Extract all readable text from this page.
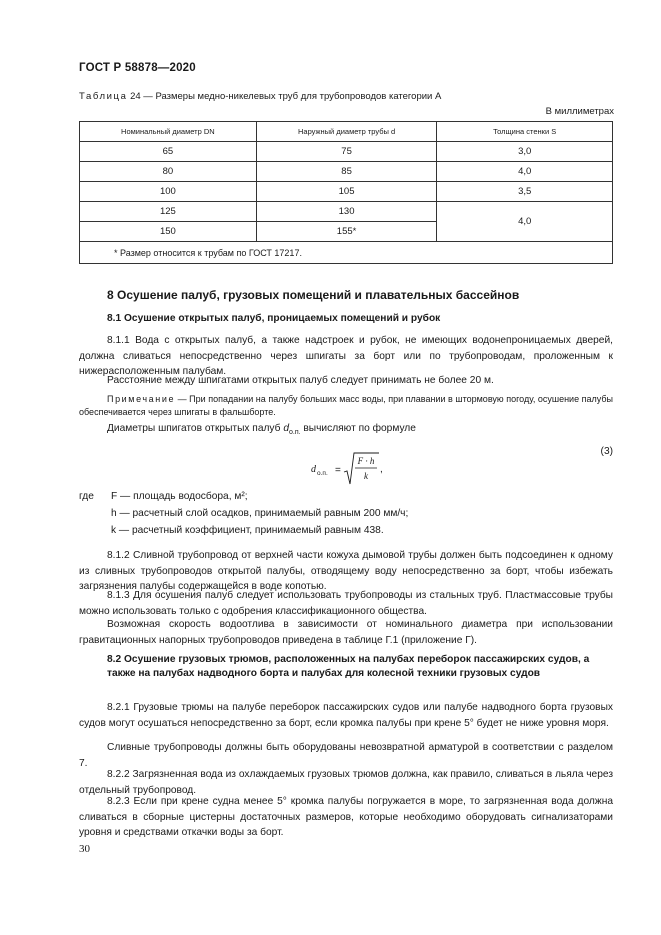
ГОСТ Р 58878—2020
Таблица 24 — Размеры медно-никелевых труб для трубопроводов категории А
В миллиметрах
Номинальный диаметр DN	Наружный диаметр трубы d	Толщина стенки S
65	75	3,0
80	85	4,0
100	105	3,5
125	130	4,0
150	155*	
* Размер относится к трубам по ГОСТ 17217.		
8 Осушение палуб, грузовых помещений и плавательных бассейнов
8.1 Осушение открытых палуб, проницаемых помещений и рубок
8.1.1 Вода с открытых палуб, а также надстроек и рубок, не имеющих водонепроницаемых дверей, должна сливаться непосредственно через шпигаты за борт или по трубопроводам, проложенным к нижерасположенным палубам.
Расстояние между шпигатами открытых палуб следует принимать не более 20 м.
Примечание — При попадании на палубу больших масс воды, при плавании в штормовую погоду, осушение палубы обеспечивается через шпигаты в фальшборте.
Диаметры шпигатов открытых палуб $d_{о.п.}$ вычисляют по формуле
d о.п. =
F · h
k
,
(3)
где F — площадь водосбора, м²;
h — расчетный слой осадков, принимаемый равным 200 мм/ч;
k — расчетный коэффициент, принимаемый равным 438.
8.1.2 Сливной трубопровод от верхней части кожуха дымовой трубы должен быть подсоединен к одному из сливных трубопроводов открытой палубы, отводящему воду непосредственно за борт, чтобы избежать загрязнения палубы содержащейся в воде копотью.
8.1.3 Для осушения палуб следует использовать трубопроводы из стальных труб. Пластмассовые трубы можно использовать только с одобрения классификационного общества.
Возможная скорость водоотлива в зависимости от номинального диаметра при использовании гравитационных напорных трубопроводов приведена в таблице Г.1 (приложение Г).
8.2 Осушение грузовых трюмов, расположенных на палубах переборок пассажирских судов, а также на палубах надводного борта и палубах для колесной техники грузовых судов
8.2.1 Грузовые трюмы на палубе переборок пассажирских судов или палубе надводного борта грузовых судов могут осушаться непосредственно за борт, если кромка палубы при крене 5° будет не ниже уровня моря.
Сливные трубопроводы должны быть оборудованы невозвратной арматурой в соответствии с разделом 7.
8.2.2 Загрязненная вода из охлаждаемых грузовых трюмов должна, как правило, сливаться в льяла через отдельный трубопровод.
8.2.3 Если при крене судна менее 5° кромка палубы погружается в море, то загрязненная вода должна сливаться в сборные цистерны достаточных размеров, которые необходимо оборудовать сигнализаторами уровня и средствами откачки воды за борт.
30
